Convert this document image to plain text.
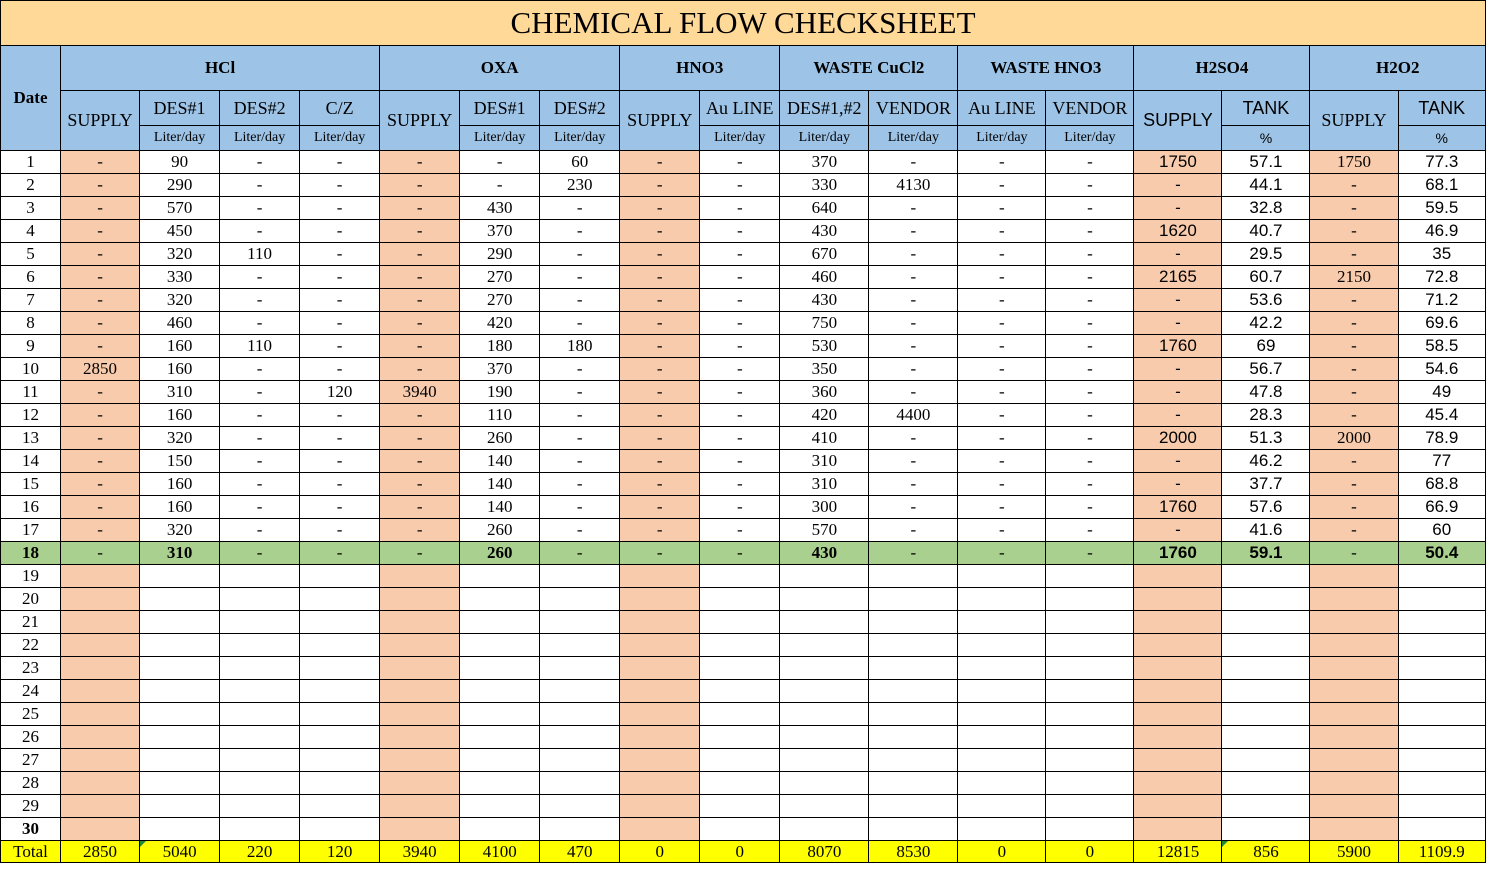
CHEMICAL FLOW CHECKSHEET																	
Date	HCl				OXA			HNO3		WASTE CuCl2		WASTE HNO3		H2SO4		H2O2	
	SUPPLY	DES#1	DES#2	C/Z	SUPPLY	DES#1	DES#2	SUPPLY	Au LINE	DES#1,#2	VENDOR	Au LINE	VENDOR	SUPPLY	TANK	SUPPLY	TANK
		Liter/day	Liter/day	Liter/day		Liter/day	Liter/day		Liter/day	Liter/day	Liter/day	Liter/day	Liter/day		%		%
1	-	90	-	-	-	-	60	-	-	370	-	-	-	1750	57.1	1750	77.3
2	-	290	-	-	-	-	230	-	-	330	4130	-	-	-	44.1	-	68.1
3	-	570	-	-	-	430	-	-	-	640	-	-	-	-	32.8	-	59.5
4	-	450	-	-	-	370	-	-	-	430	-	-	-	1620	40.7	-	46.9
5	-	320	110	-	-	290	-	-	-	670	-	-	-	-	29.5	-	35
6	-	330	-	-	-	270	-	-	-	460	-	-	-	2165	60.7	2150	72.8
7	-	320	-	-	-	270	-	-	-	430	-	-	-	-	53.6	-	71.2
8	-	460	-	-	-	420	-	-	-	750	-	-	-	-	42.2	-	69.6
9	-	160	110	-	-	180	180	-	-	530	-	-	-	1760	69	-	58.5
10	2850	160	-	-	-	370	-	-	-	350	-	-	-	-	56.7	-	54.6
11	-	310	-	120	3940	190	-	-	-	360	-	-	-	-	47.8	-	49
12	-	160	-	-	-	110	-	-	-	420	4400	-	-	-	28.3	-	45.4
13	-	320	-	-	-	260	-	-	-	410	-	-	-	2000	51.3	2000	78.9
14	-	150	-	-	-	140	-	-	-	310	-	-	-	-	46.2	-	77
15	-	160	-	-	-	140	-	-	-	310	-	-	-	-	37.7	-	68.8
16	-	160	-	-	-	140	-	-	-	300	-	-	-	1760	57.6	-	66.9
17	-	320	-	-	-	260	-	-	-	570	-	-	-	-	41.6	-	60
18	-	310	-	-	-	260	-	-	-	430	-	-	-	1760	59.1	-	50.4
19																	
20																	
21																	
22																	
23																	
24																	
25																	
26																	
27																	
28																	
29																	
30																	
Total	2850	5040	220	120	3940	4100	470	0	0	8070	8530	0	0	12815	856	5900	1109.9
